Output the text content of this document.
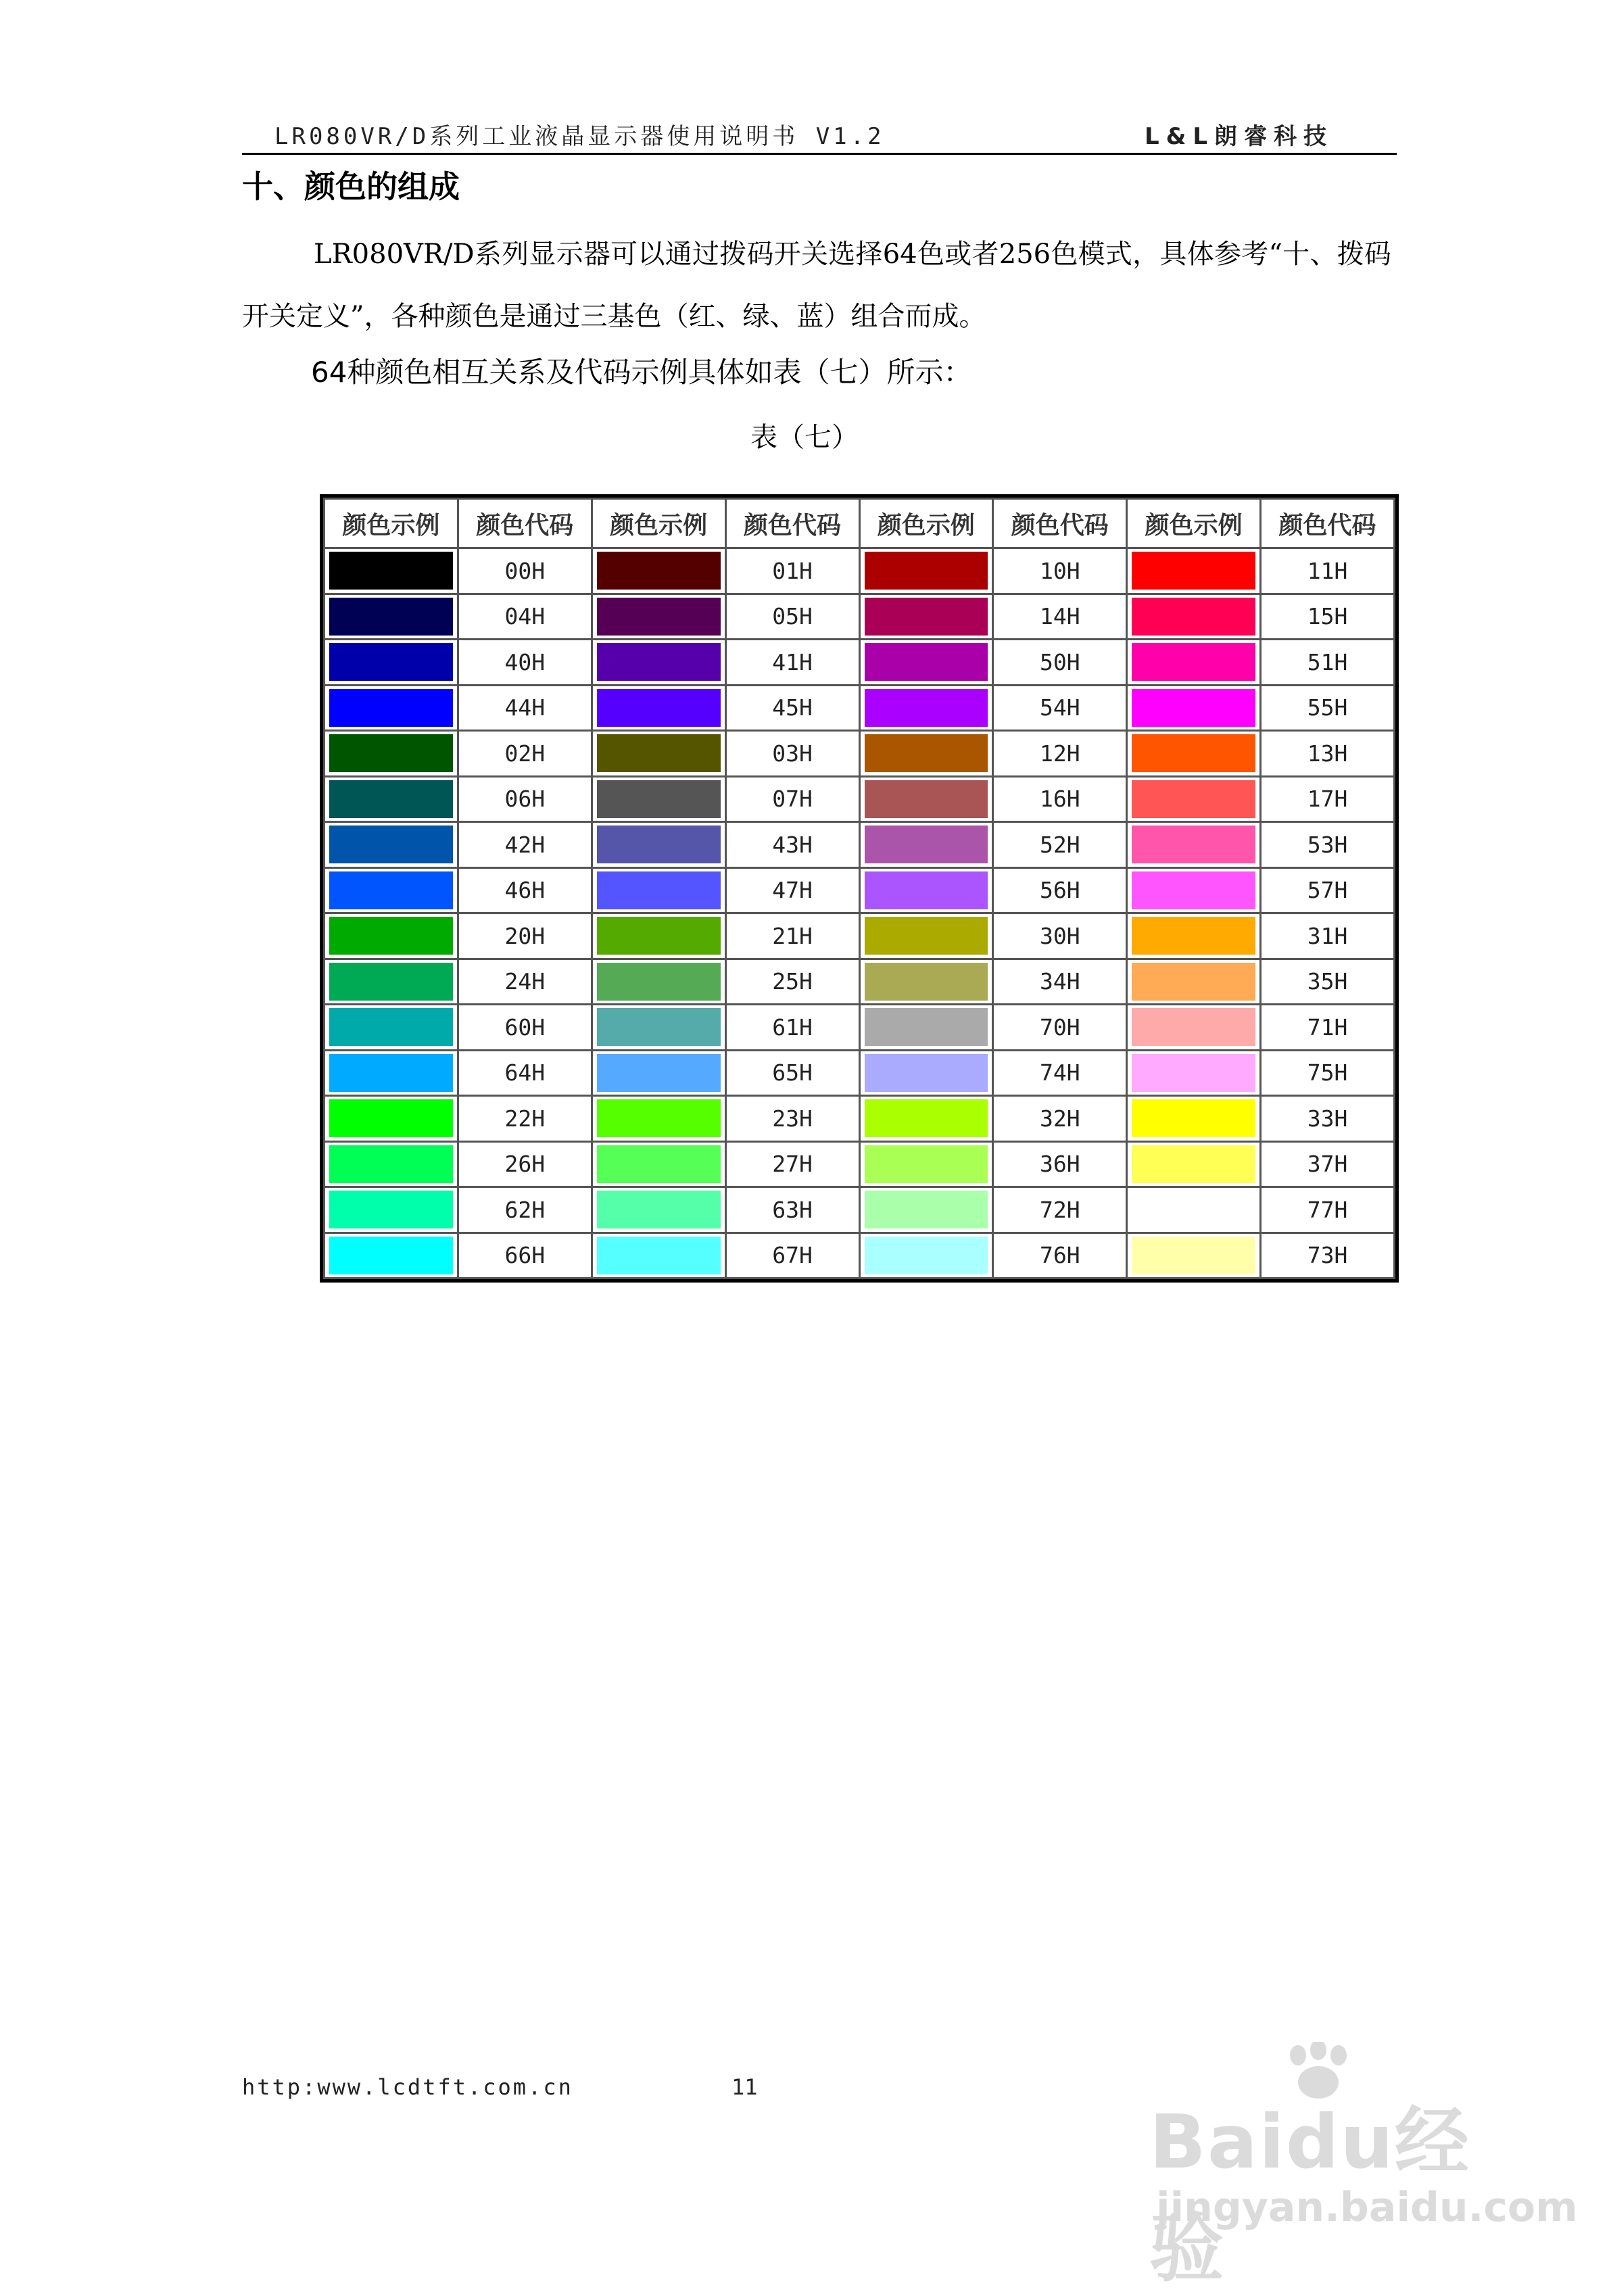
LR080VR/D系列工业液晶显示器使用说明书 V1.2	L&L朗睿科技
十、颜色的组成
LR080VR/D系列显示器可以通过拨码开关选择64色或者256色模式，具体参考“十、拨码开关定义”，各种颜色是通过三基色（红、绿、蓝）组合而成。
64种颜色相互关系及代码示例具体如表（七）所示：
表（七）
颜色示例	颜色代码	颜色示例	颜色代码	颜色示例	颜色代码	颜色示例	颜色代码

	00H		01H		10H		11H

	04H		05H		14H		15H

	40H		41H		50H		51H

	44H		45H		54H		55H

	02H		03H		12H		13H

	06H		07H		16H		17H

	42H		43H		52H		53H

	46H		47H		56H		57H

	20H		21H		30H		31H

	24H		25H		34H		35H

	60H		61H		70H		71H

	64H		65H		74H		75H

	22H		23H		32H		33H

	26H		27H		36H		37H

	62H		63H		72H		77H

	66H		67H		76H		73H
http:www.lcdtft.com.cn	11
Baidu经验
jingyan.baidu.com
